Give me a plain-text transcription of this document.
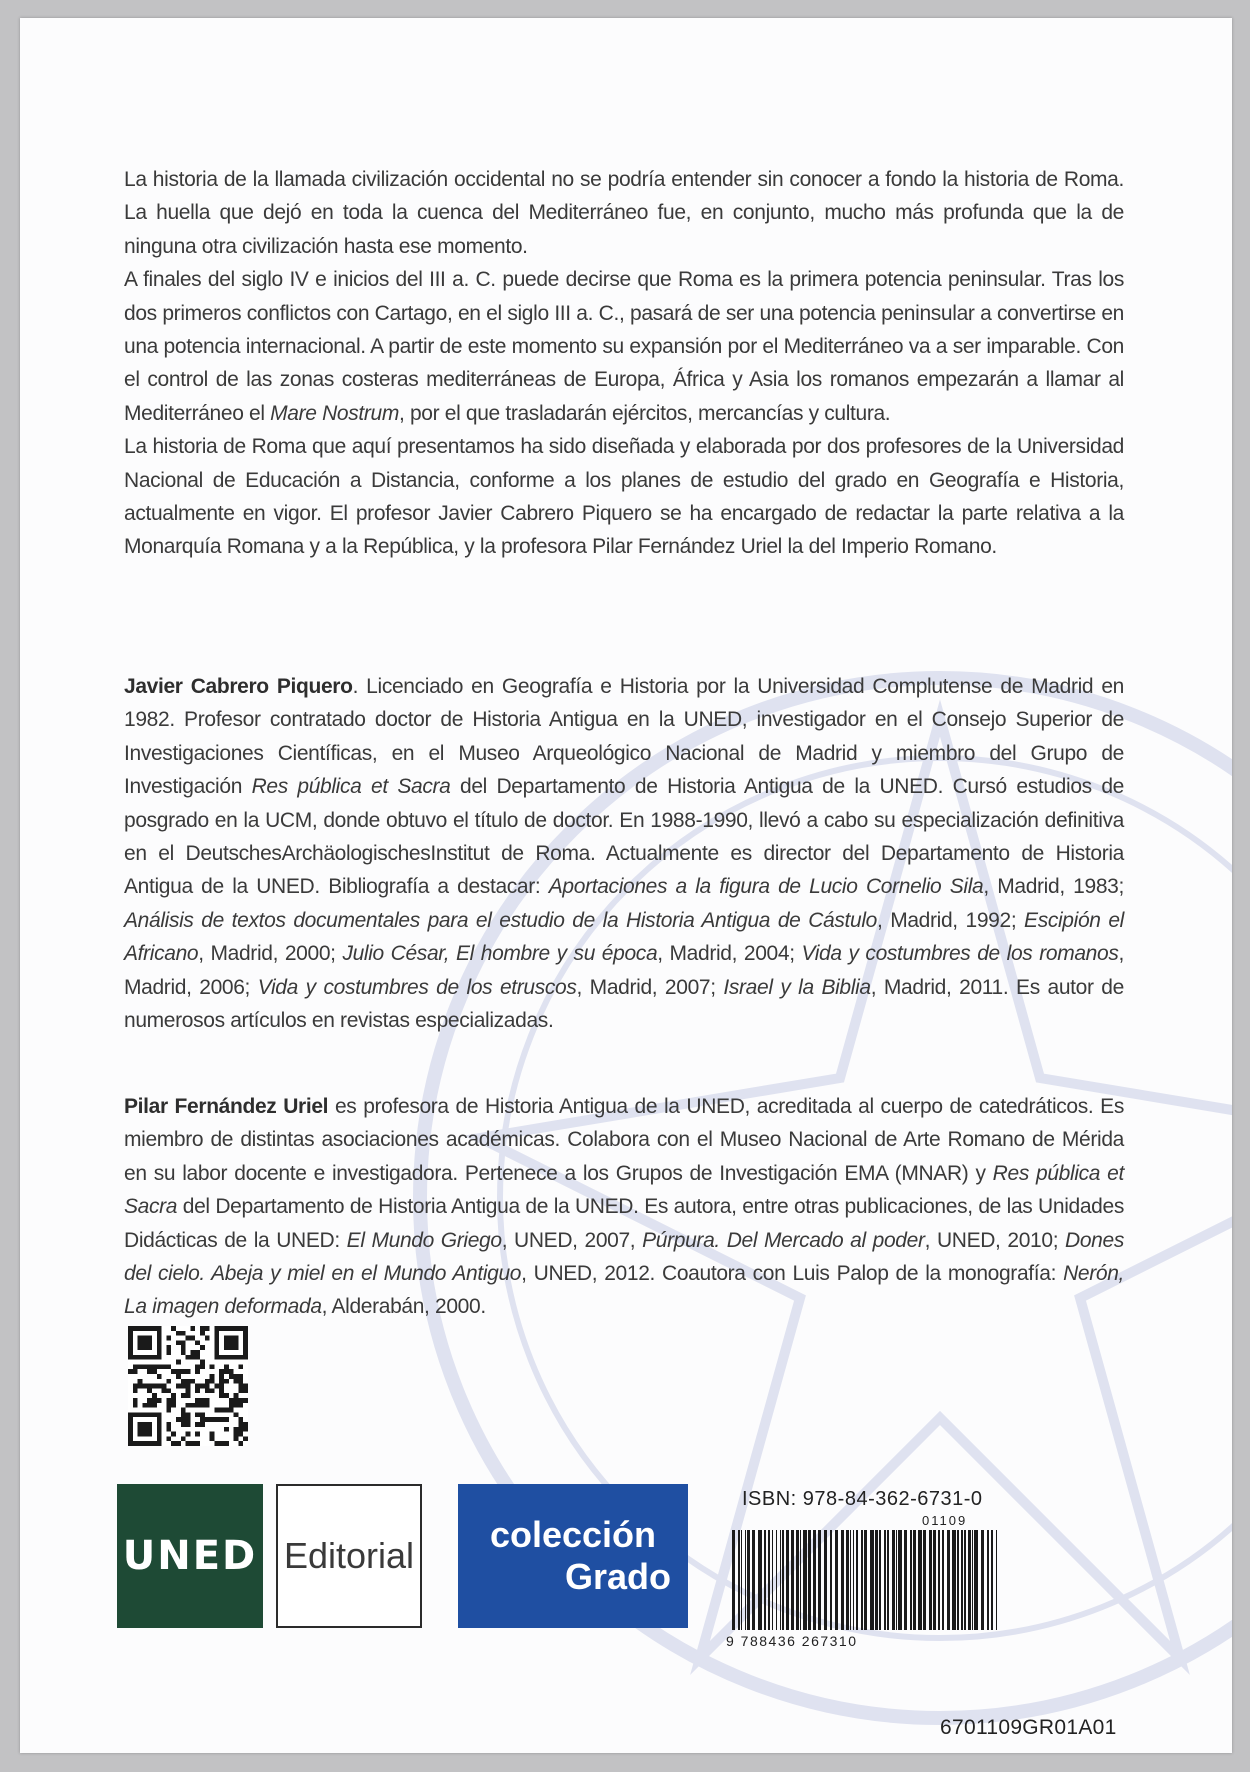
La historia de la llamada civilización occidental no se podría entender sin conocer a fondo la historia de Roma. La huella que dejó en toda la cuenca del Mediterráneo fue, en conjunto, mucho más profunda que la de ninguna otra civilización hasta ese momento.

A finales del siglo IV e inicios del III a. C. puede decirse que Roma es la primera potencia peninsular. Tras los dos primeros conflictos con Cartago, en el siglo III a. C., pasará de ser una potencia peninsular a convertirse en una potencia internacional. A partir de este momento su expansión por el Mediterráneo va a ser imparable. Con el control de las zonas costeras mediterráneas de Europa, África y Asia los romanos empezarán a llamar al Mediterráneo el Mare Nostrum, por el que trasladarán ejércitos, mercancías y cultura.

La historia de Roma que aquí presentamos ha sido diseñada y elaborada por dos profesores de la Universidad Nacional de Educación a Distancia, conforme a los planes de estudio del grado en Geografía e Historia, actualmente en vigor. El profesor Javier Cabrero Piquero se ha encargado de redactar la parte relativa a la Monarquía Romana y a la República, y la profesora Pilar Fernández Uriel la del Imperio Romano.

Javier Cabrero Piquero. Licenciado en Geografía e Historia por la Universidad Complutense de Madrid en 1982. Profesor contratado doctor de Historia Antigua en la UNED, investigador en el Consejo Superior de Investigaciones Científicas, en el Museo Arqueológico Nacional de Madrid y miembro del Grupo de Investigación Res pública et Sacra del Departamento de Historia Antigua de la UNED. Cursó estudios de posgrado en la UCM, donde obtuvo el título de doctor. En 1988-1990, llevó a cabo su especialización definitiva en el DeutschesArchäologischesInstitut de Roma. Actualmente es director del Departamento de Historia Antigua de la UNED. Bibliografía a destacar: Aportaciones a la figura de Lucio Cornelio Sila, Madrid, 1983; Análisis de textos documentales para el estudio de la Historia Antigua de Cástulo, Madrid, 1992; Escipión el Africano, Madrid, 2000; Julio César, El hombre y su época, Madrid, 2004; Vida y costumbres de los romanos, Madrid, 2006; Vida y costumbres de los etruscos, Madrid, 2007; Israel y la Biblia, Madrid, 2011. Es autor de numerosos artículos en revistas especializadas.

Pilar Fernández Uriel es profesora de Historia Antigua de la UNED, acreditada al cuerpo de catedráticos. Es miembro de distintas asociaciones académicas. Colabora con el Museo Nacional de Arte Romano de Mérida en su labor docente e investigadora. Pertenece a los Grupos de Investigación EMA (MNAR) y Res pública et Sacra del Departamento de Historia Antigua de la UNED. Es autora, entre otras publicaciones, de las Unidades Didácticas de la UNED: El Mundo Griego, UNED, 2007, Púrpura. Del Mercado al poder, UNED, 2010; Dones del cielo. Abeja y miel en el Mundo Antiguo, UNED, 2012. Coautora con Luis Palop de la monografía: Nerón, La imagen deformada, Alderabán, 2000.

UNED Editorial
colección
Grado
ISBN: 978-84-362-6731-0
01109
9 788436 267310
6701109GR01A01
